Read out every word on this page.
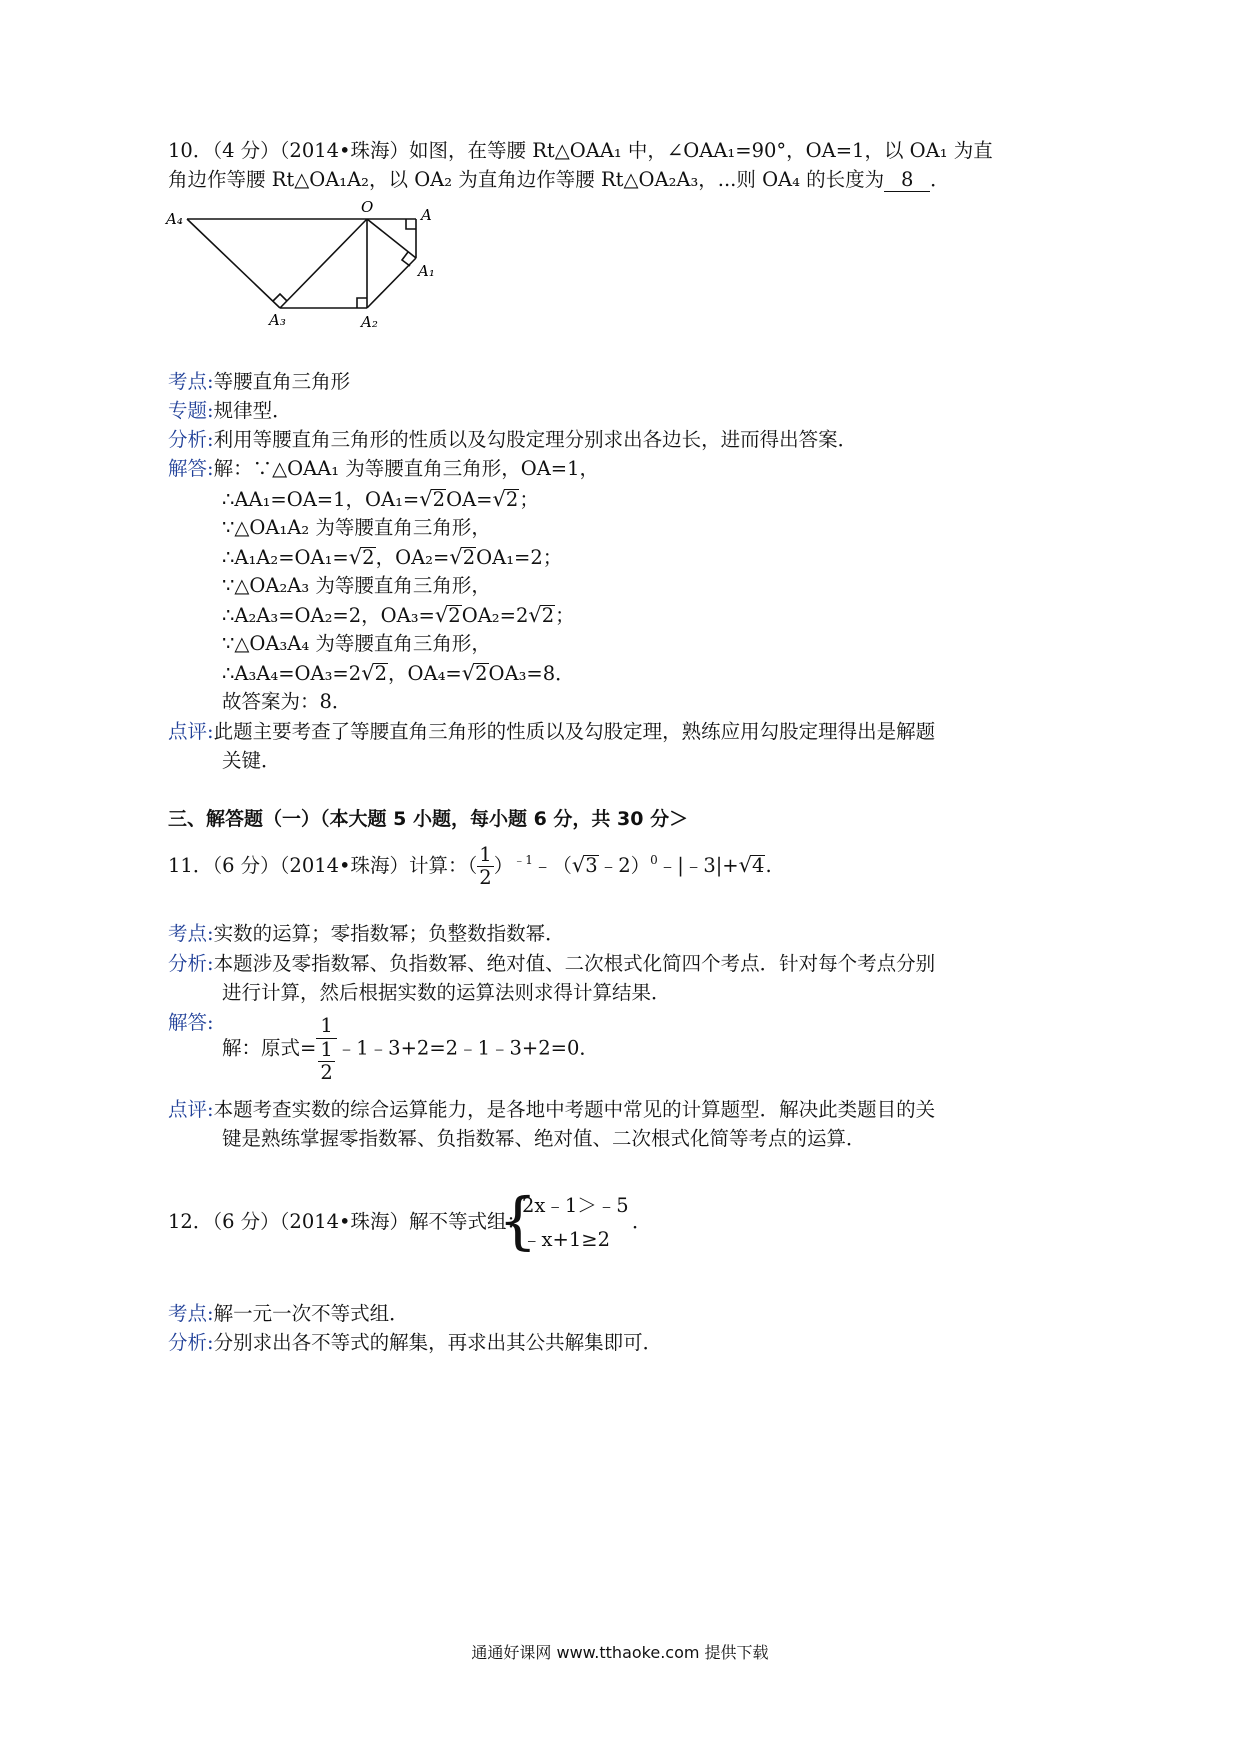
10．（4 分）（2014•珠海）如图，在等腰 Rt△OAA₁ 中，∠OAA₁=90°，OA=1，以 OA₁ 为直
角边作等腰 Rt△OA₁A₂，以 OA₂ 为直角边作等腰 Rt△OA₂A₃，...则 OA₄ 的长度为 8 ．
A₄
O	A
A₁
A₂
A₃
考点:等腰直角三角形
专题:规律型．
分析:利用等腰直角三角形的性质以及勾股定理分别求出各边长，进而得出答案．
解答:解：∵△OAA₁ 为等腰直角三角形，OA=1，
∴AA₁=OA=1，OA₁=√2OA=√2；
∵△OA₁A₂ 为等腰直角三角形，
∴A₁A₂=OA₁=√2，OA₂=√2OA₁=2；
∵△OA₂A₃ 为等腰直角三角形，
∴A₂A₃=OA₂=2，OA₃=√2OA₂=2√2；
∵△OA₃A₄ 为等腰直角三角形，
∴A₃A₄=OA₃=2√2，OA₄=√2OA₃=8．
故答案为：8．
点评:此题主要考查了等腰直角三角形的性质以及勾股定理，熟练应用勾股定理得出是解题
关键．
三、解答题（一）（本大题 5 小题，每小题 6 分，共 30 分＞
11．（6 分）（2014•珠海）计算：（ $\frac{1}{2}$ ）$^{﹣1}$﹣（√3﹣2）$^0$﹣|﹣3|+√4.
考点:实数的运算；零指数幂；负整数指数幂．
分析:本题涉及零指数幂、负指数幂、绝对值、二次根式化简四个考点．针对每个考点分别
进行计算，然后根据实数的运算法则求得计算结果．
解答:
解：原式= $\frac{1}{\frac{1}{2}}$ ﹣1﹣3+2=2﹣1﹣3+2=0．
点评:本题考查实数的综合运算能力，是各地中考题中常见的计算题型．解决此类题目的关
键是熟练掌握零指数幂、负指数幂、绝对值、二次根式化简等考点的运算．
12．（6 分）（2014•珠海）解不等式组：
{
2x﹣1＞﹣5
﹣x+1≥2
．
考点:解一元一次不等式组．
分析:分别求出各不等式的解集，再求出其公共解集即可．
通通好课网 www.tthaoke.com 提供下载
